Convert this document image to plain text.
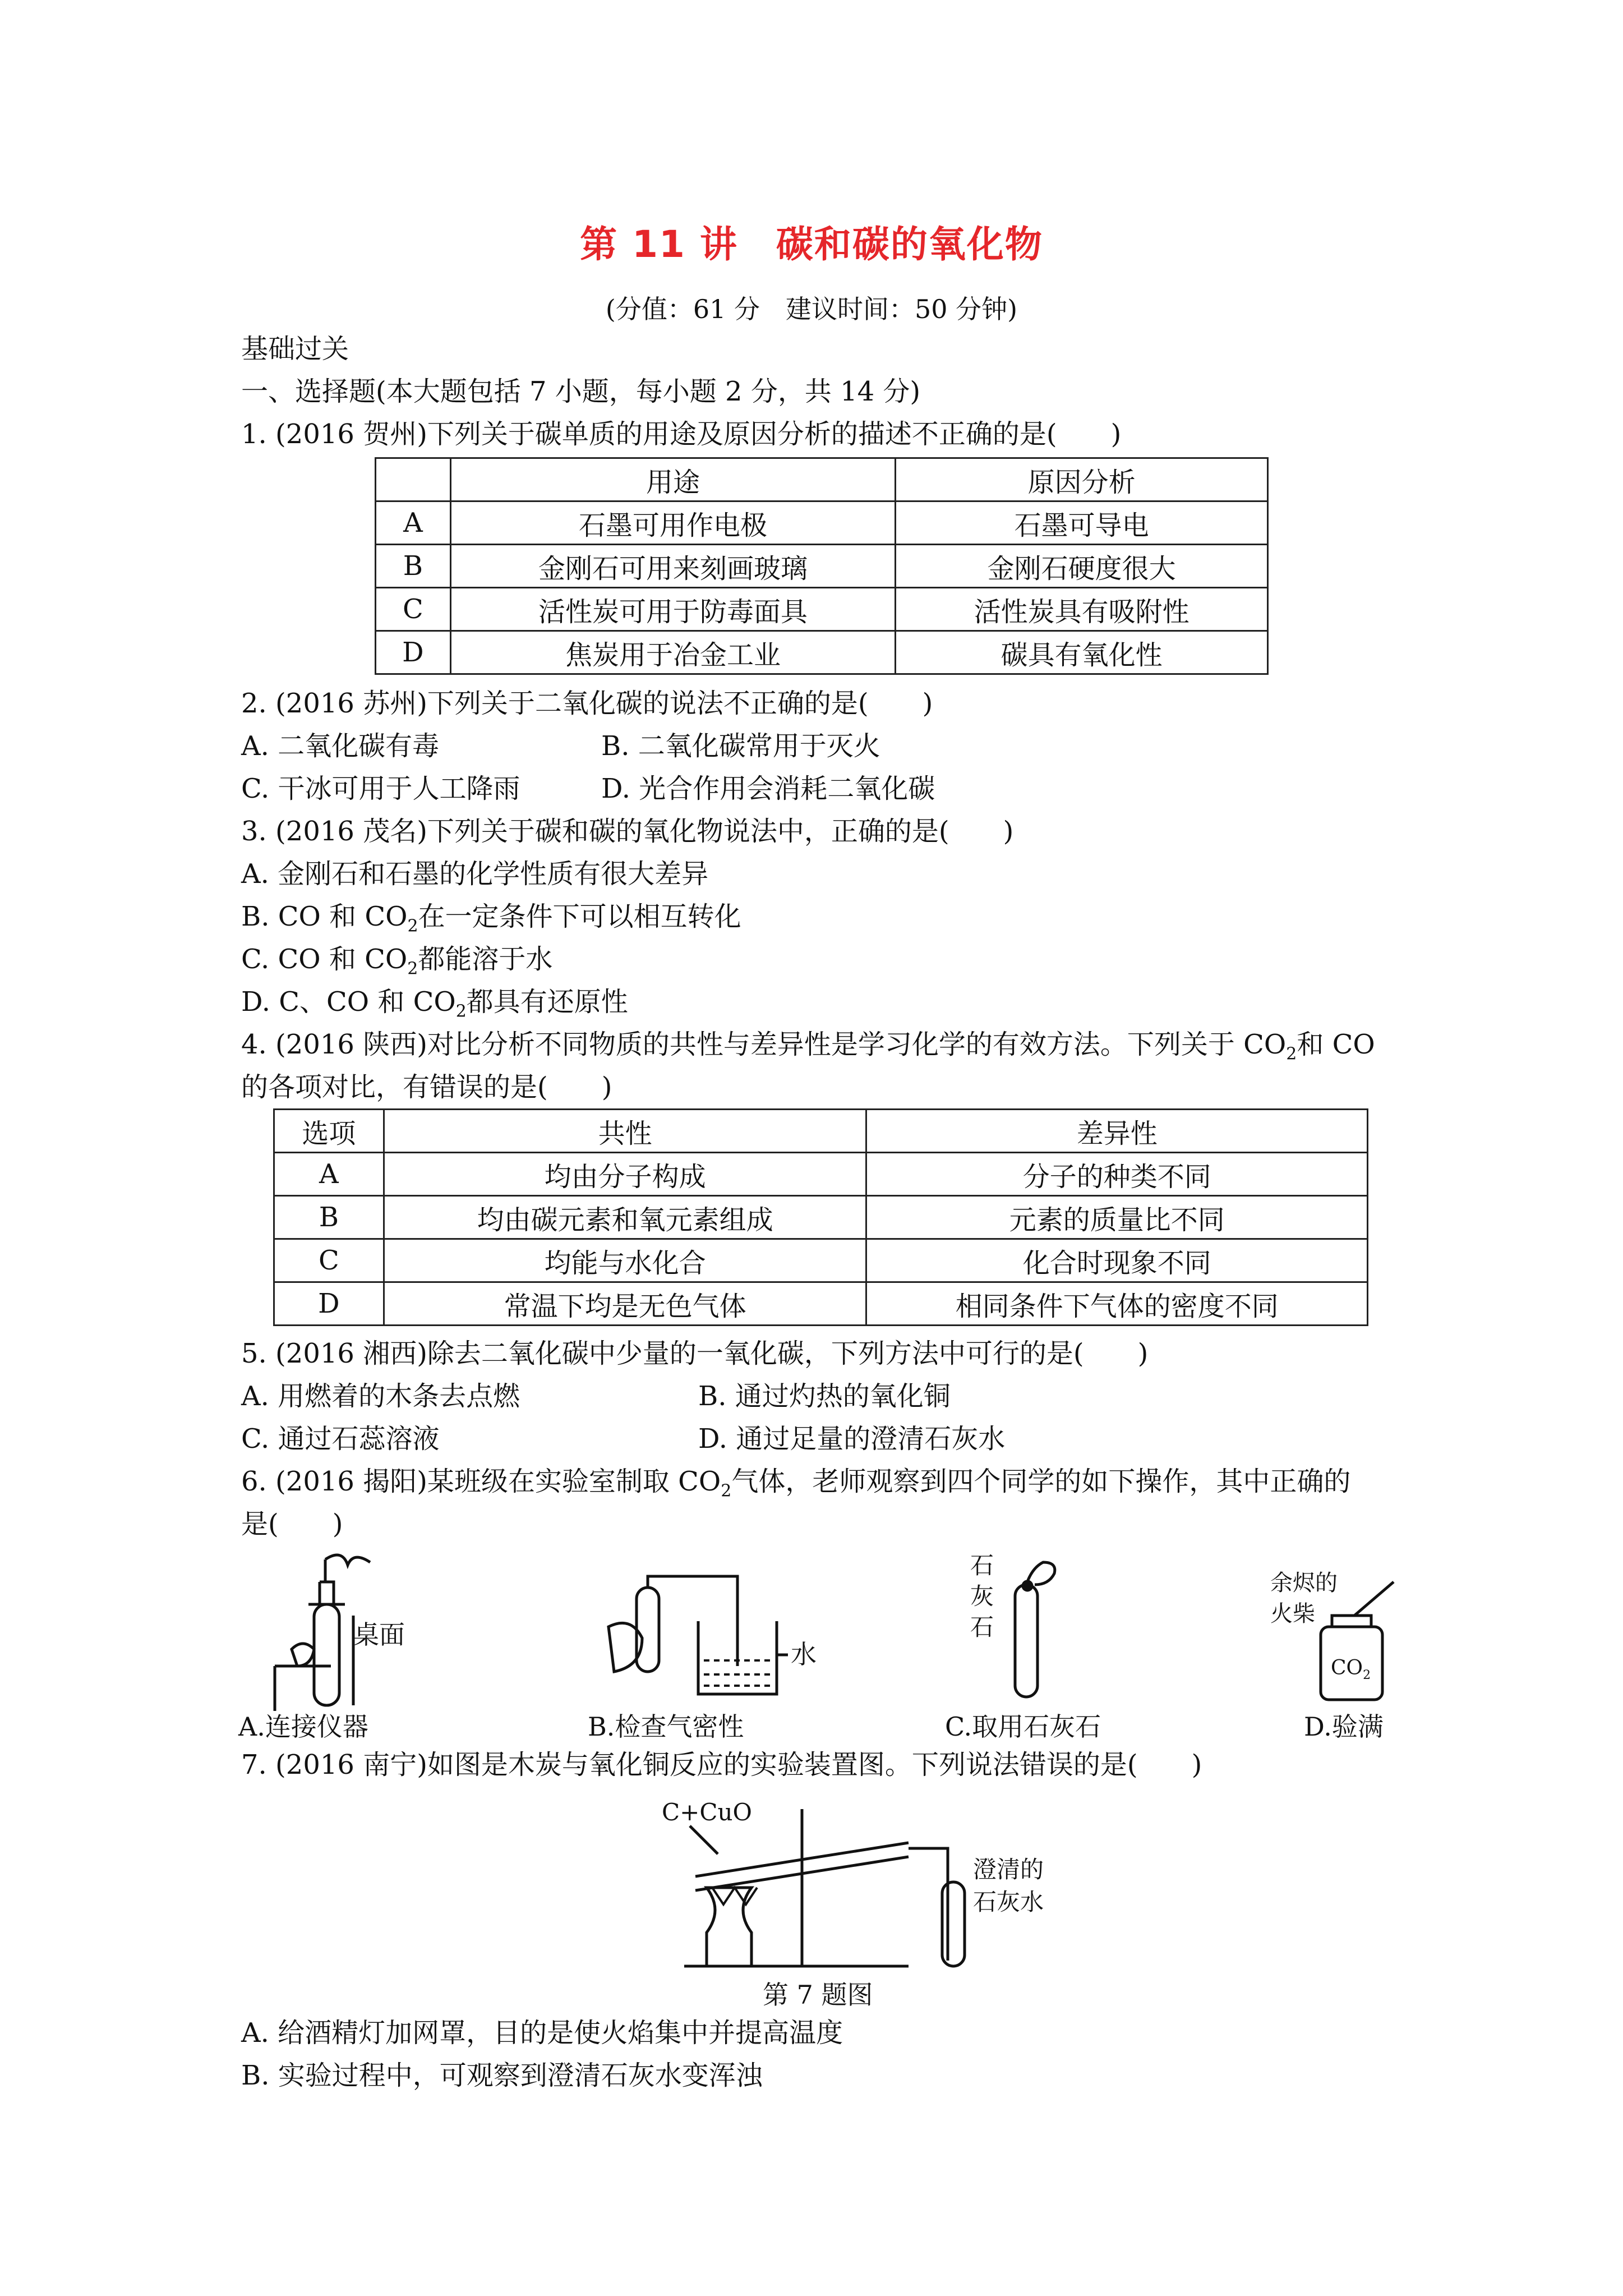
第 11 讲　碳和碳的氧化物
(分值：61 分　建议时间：50 分钟)
基础过关
一、选择题(本大题包括 7 小题，每小题 2 分，共 14 分)
1. (2016 贺州)下列关于碳单质的用途及原因分析的描述不正确的是(　　)
	用途	原因分析
A	石墨可用作电极	石墨可导电
B	金刚石可用来刻画玻璃	金刚石硬度很大
C	活性炭可用于防毒面具	活性炭具有吸附性
D	焦炭用于冶金工业	碳具有氧化性
2. (2016 苏州)下列关于二氧化碳的说法不正确的是(　　)
A. 二氧化碳有毒	B. 二氧化碳常用于灭火
C. 干冰可用于人工降雨	D. 光合作用会消耗二氧化碳
3. (2016 茂名)下列关于碳和碳的氧化物说法中，正确的是(　　)
A. 金刚石和石墨的化学性质有很大差异
B. CO 和 $CO_2$在一定条件下可以相互转化
C. CO 和 $CO_2$都能溶于水
D. C、CO 和 $CO_2$都具有还原性
4. (2016 陕西)对比分析不同物质的共性与差异性是学习化学的有效方法。下列关于 $CO_2$和 CO
的各项对比，有错误的是(　　)
选项	共性	差异性
A	均由分子构成	分子的种类不同
B	均由碳元素和氧元素组成	元素的质量比不同
C	均能与水化合	化合时现象不同
D	常温下均是无色气体	相同条件下气体的密度不同
5. (2016 湘西)除去二氧化碳中少量的一氧化碳，下列方法中可行的是(　　)
A. 用燃着的木条去点燃	B. 通过灼热的氧化铜
C. 通过石蕊溶液	D. 通过足量的澄清石灰水
6. (2016 揭阳)某班级在实验室制取 $CO_2$气体，老师观察到四个同学的如下操作，其中正确的
是(　　)
桌面
A.连接仪器
水
B.检查气密性
石
灰
石
C.取用石灰石
余烬的
火柴
$CO_2$
D.验满
7. (2016 南宁)如图是木炭与氧化铜反应的实验装置图。下列说法错误的是(　　)
C+CuO
澄清的
石灰水
第 7 题图
A. 给酒精灯加网罩，目的是使火焰集中并提高温度
B. 实验过程中，可观察到澄清石灰水变浑浊
